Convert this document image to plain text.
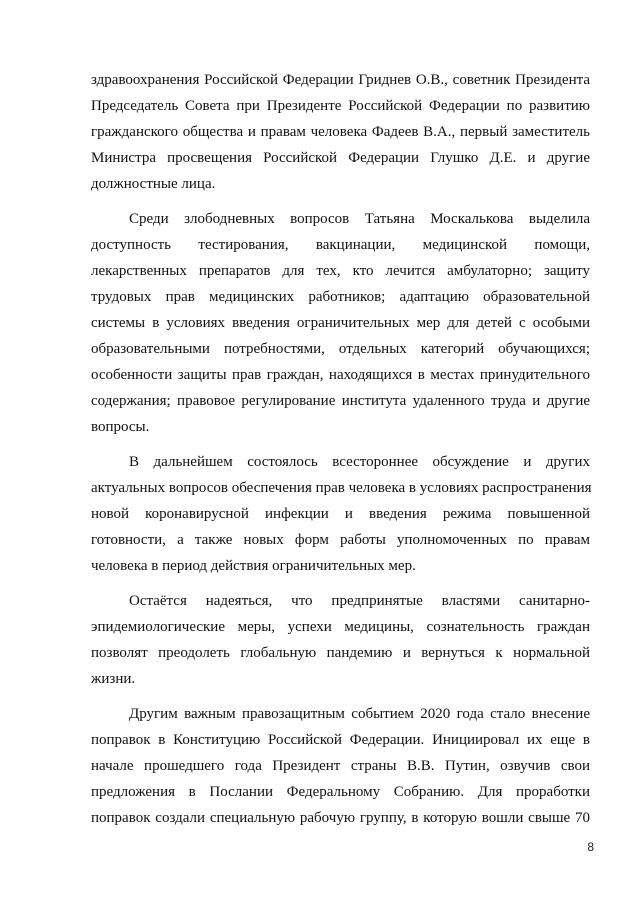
здравоохранения Российской Федерации Гриднев О.В., советник Президента
Председатель Совета при Президенте Российской Федерации по развитию
гражданского общества и правам человека Фадеев В.А., первый заместитель
Министра просвещения Российской Федерации Глушко Д.Е. и другие
должностные лица.
Среди злободневных вопросов Татьяна Москалькова выделила
доступность тестирования, вакцинации, медицинской помощи,
лекарственных препаратов для тех, кто лечится амбулаторно; защиту
трудовых прав медицинских работников; адаптацию образовательной
системы в условиях введения ограничительных мер для детей с особыми
образовательными потребностями, отдельных категорий обучающихся;
особенности защиты прав граждан, находящихся в местах принудительного
содержания; правовое регулирование института удаленного труда и другие
вопросы.
В дальнейшем состоялось всестороннее обсуждение и других
актуальных вопросов обеспечения прав человека в условиях распространения
новой коронавирусной инфекции и введения режима повышенной
готовности, а также новых форм работы уполномоченных по правам
человека в период действия ограничительных мер.
Остаётся надеяться, что предпринятые властями санитарно-
эпидемиологические меры, успехи медицины, сознательность граждан
позволят преодолеть глобальную пандемию и вернуться к нормальной
жизни.
Другим важным правозащитным событием 2020 года стало внесение
поправок в Конституцию Российской Федерации. Инициировал их еще в
начале прошедшего года Президент страны В.В. Путин, озвучив свои
предложения в Послании Федеральному Собранию. Для проработки
поправок создали специальную рабочую группу, в которую вошли свыше 70
8
